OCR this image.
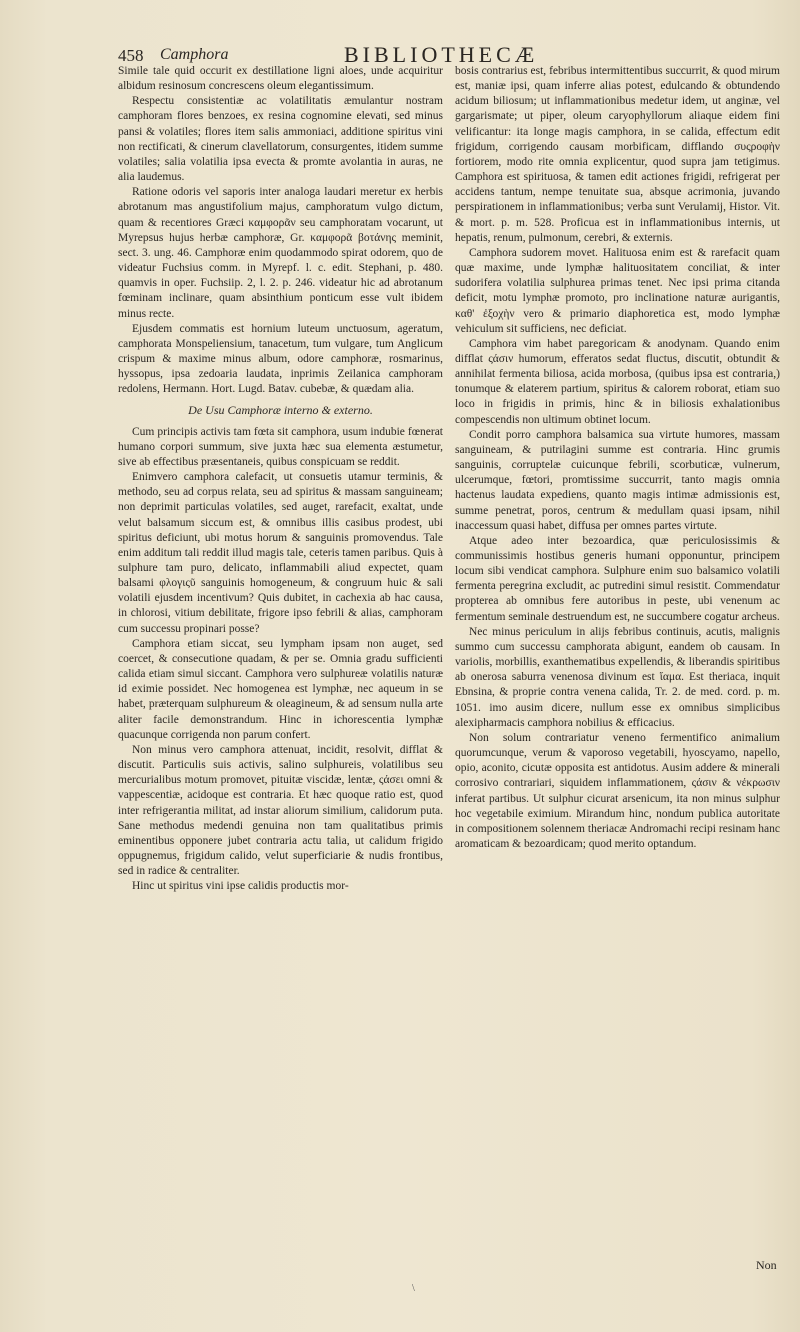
458 Camphora	BIBLIOTHECÆ

Simile tale quid occurit ex destillatione ligni aloes, unde acquiritur albidum resinosum concrescens oleum elegantissimum.

Respectu consistentiæ ac volatilitatis æmulantur nostram camphoram flores benzoes, ex resina cognomine elevati, sed minus pansi & volatiles; flores item salis ammoniaci, additione spiritus vini non rectificati, & cinerum clavellatorum, consurgentes, itidem summe volatiles; salia volatilia ipsa evecta & promte avolantia in auras, ne alia laudemus.

Ratione odoris vel saporis inter analoga laudari meretur ex herbis abrotanum mas angustifolium majus, camphoratum vulgo dictum, quam & recentiores Græci καμφορᾶν seu camphoratam vocarunt, ut Myrepsus hujus herbæ camphoræ, Gr. καμφορᾶ βοτάνης meminit, sect. 3. ung. 46. Camphoræ enim quodammodo spirat odorem, quo de videatur Fuchsius comm. in Myrepf. l. c. edit. Stephani, p. 480. quamvis in oper. Fuchsiip. 2, l. 2. p. 246. videatur hic ad abrotanum fœminam inclinare, quam absinthium ponticum esse vult ibidem minus recte.

Ejusdem commatis est hornium luteum unctuosum, ageratum, camphorata Monspeliensium, tanacetum, tum vulgare, tum Anglicum crispum & maxime minus album, odore camphoræ, rosmarinus, hyssopus, ipsa zedoaria laudata, inprimis Zeilanica camphoram redolens, Hermann. Hort. Lugd. Batav. cubebæ, & quædam alia.

De Usu Camphoræ interno & externo.

Cum principis activis tam fœta sit camphora, usum indubie fœnerat humano corpori summum, sive juxta hæc sua elementa æstumetur, sive ab effectibus præsentaneis, quibus conspicuam se reddit.

Enimvero camphora calefacit, ut consuetis utamur terminis, & methodo, seu ad corpus relata, seu ad spiritus & massam sanguineam; non deprimit particulas volatiles, sed auget, rarefacit, exaltat, unde velut balsamum siccum est, & omnibus illis casibus prodest, ubi spiritus deficiunt, ubi motus horum & sanguinis promovendus. Tale enim additum tali reddit illud magis tale, ceteris tamen paribus. Quis à sulphure tam puro, delicato, inflammabili aliud expectet, quam balsami φλογιςῦ sanguinis homogeneum, & congruum huic & sali volatili ejusdem incentivum? Quis dubitet, in cachexia ab hac causa, in chlorosi, vitium debilitate, frigore ipso febrili & alias, camphoram cum successu propinari posse?

Camphora etiam siccat, seu lympham ipsam non auget, sed coercet, & consecutione quadam, & per se. Omnia gradu sufficienti calida etiam simul siccant. Camphora vero sulphureæ volatilis naturæ id eximie possidet. Nec homogenea est lymphæ, nec aqueum in se habet, præterquam sulphureum & oleagineum, & ad sensum nulla arte aliter facile demonstrandum. Hinc in ichorescentia lymphæ quacunque corrigenda non parum confert.

Non minus vero camphora attenuat, incidit, resolvit, difflat & discutit. Particulis suis activis, salino sulphureis, volatilibus seu mercurialibus motum promovet, pituitæ viscidæ, lentæ, ςάσει omni & vappescentiæ, acidoque est contraria. Et hæc quoque ratio est, quod inter refrigerantia militat, ad instar aliorum similium, calidorum puta. Sane methodus medendi genuina non tam qualitatibus primis eminentibus opponere jubet contraria actu talia, ut calidum frigido oppugnemus, frigidum calido, velut superficiarie & nudis frontibus, sed in radice & centraliter.

Hinc ut spiritus vini ipse calidis productis mor-

bosis contrarius est, febribus intermittentibus succurrit, & quod mirum est, maniæ ipsi, quam inferre alias potest, edulcando & obtundendo acidum biliosum; ut inflammationibus medetur idem, ut anginæ, vel gargarismate; ut piper, oleum caryophyllorum aliaque eidem fini velificantur: ita longe magis camphora, in se calida, effectum edit frigidum, corrigendo causam morbificam, difflando συςροφὴν fortiorem, modo rite omnia explicentur, quod supra jam tetigimus. Camphora est spirituosa, & tamen edit actiones frigidi, refrigerat per accidens tantum, nempe tenuitate sua, absque acrimonia, juvando perspirationem in inflammationibus; verba sunt Verulamij, Histor. Vit. & mort. p. m. 528. Proficua est in inflammationibus internis, ut hepatis, renum, pulmonum, cerebri, & externis.

Camphora sudorem movet. Halituosa enim est & rarefacit quam quæ maxime, unde lymphæ halituositatem conciliat, & inter sudorifera volatilia sulphurea primas tenet. Nec ipsi prima citanda deficit, motu lymphæ promoto, pro inclinatione naturæ aurigantis, καθ' ἐξοχὴν vero & primario diaphoretica est, modo lymphæ vehiculum sit sufficiens, nec deficiat.

Camphora vim habet paregoricam & anodynam. Quando enim difflat ςάσιν humorum, efferatos sedat fluctus, discutit, obtundit & annihilat fermenta biliosa, acida morbosa, (quibus ipsa est contraria,) tonumque & elaterem partium, spiritus & calorem roborat, etiam suo loco in frigidis in primis, hinc & in biliosis exhalationibus compescendis non ultimum obtinet locum.

Condit porro camphora balsamica sua virtute humores, massam sanguineam, & putrilagini summe est contraria. Hinc grumis sanguinis, corruptelæ cuicunque febrili, scorbuticæ, vulnerum, ulcerumque, fœtori, promtissime succurrit, tanto magis omnia hactenus laudata expediens, quanto magis intimæ admissionis est, summe penetrat, poros, centrum & medullam quasi ipsam, nihil inaccessum quasi habet, diffusa per omnes partes virtute.

Atque adeo inter bezoardica, quæ periculosissimis & communissimis hostibus generis humani opponuntur, principem locum sibi vendicat camphora. Sulphure enim suo balsamico volatili fermenta peregrina excludit, ac putredini simul resistit. Commendatur propterea ab omnibus fere autoribus in peste, ubi venenum ac fermentum seminale destruendum est, ne succumbere cogatur archeus.

Nec minus periculum in alijs febribus continuis, acutis, malignis summo cum successu camphorata abigunt, eandem ob causam. In variolis, morbillis, exanthematibus expellendis, & liberandis spiritibus ab onerosa saburra venenosa divinum est ἴαμα. Est theriaca, inquit Ebnsina, & proprie contra venena calida, Tr. 2. de med. cord. p. m. 1051. imo ausim dicere, nullum esse ex omnibus simplicibus alexipharmacis camphora nobilius & efficacius.

Non solum contrariatur veneno fermentifico animalium quorumcunque, verum & vaporoso vegetabili, hyoscyamo, napello, opio, aconito, cicutæ opposita est antidotus. Ausim addere & minerali corrosivo contrariari, siquidem inflammationem, ςάσιν & νέκρωσιν inferat partibus. Ut sulphur cicurat arsenicum, ita non minus sulphur hoc vegetabile eximium. Mirandum hinc, nondum publica autoritate in compositionem solennem theriacæ Andromachi recipi resinam hanc aromaticam & bezoardicam; quod merito optandum.

\
Non
